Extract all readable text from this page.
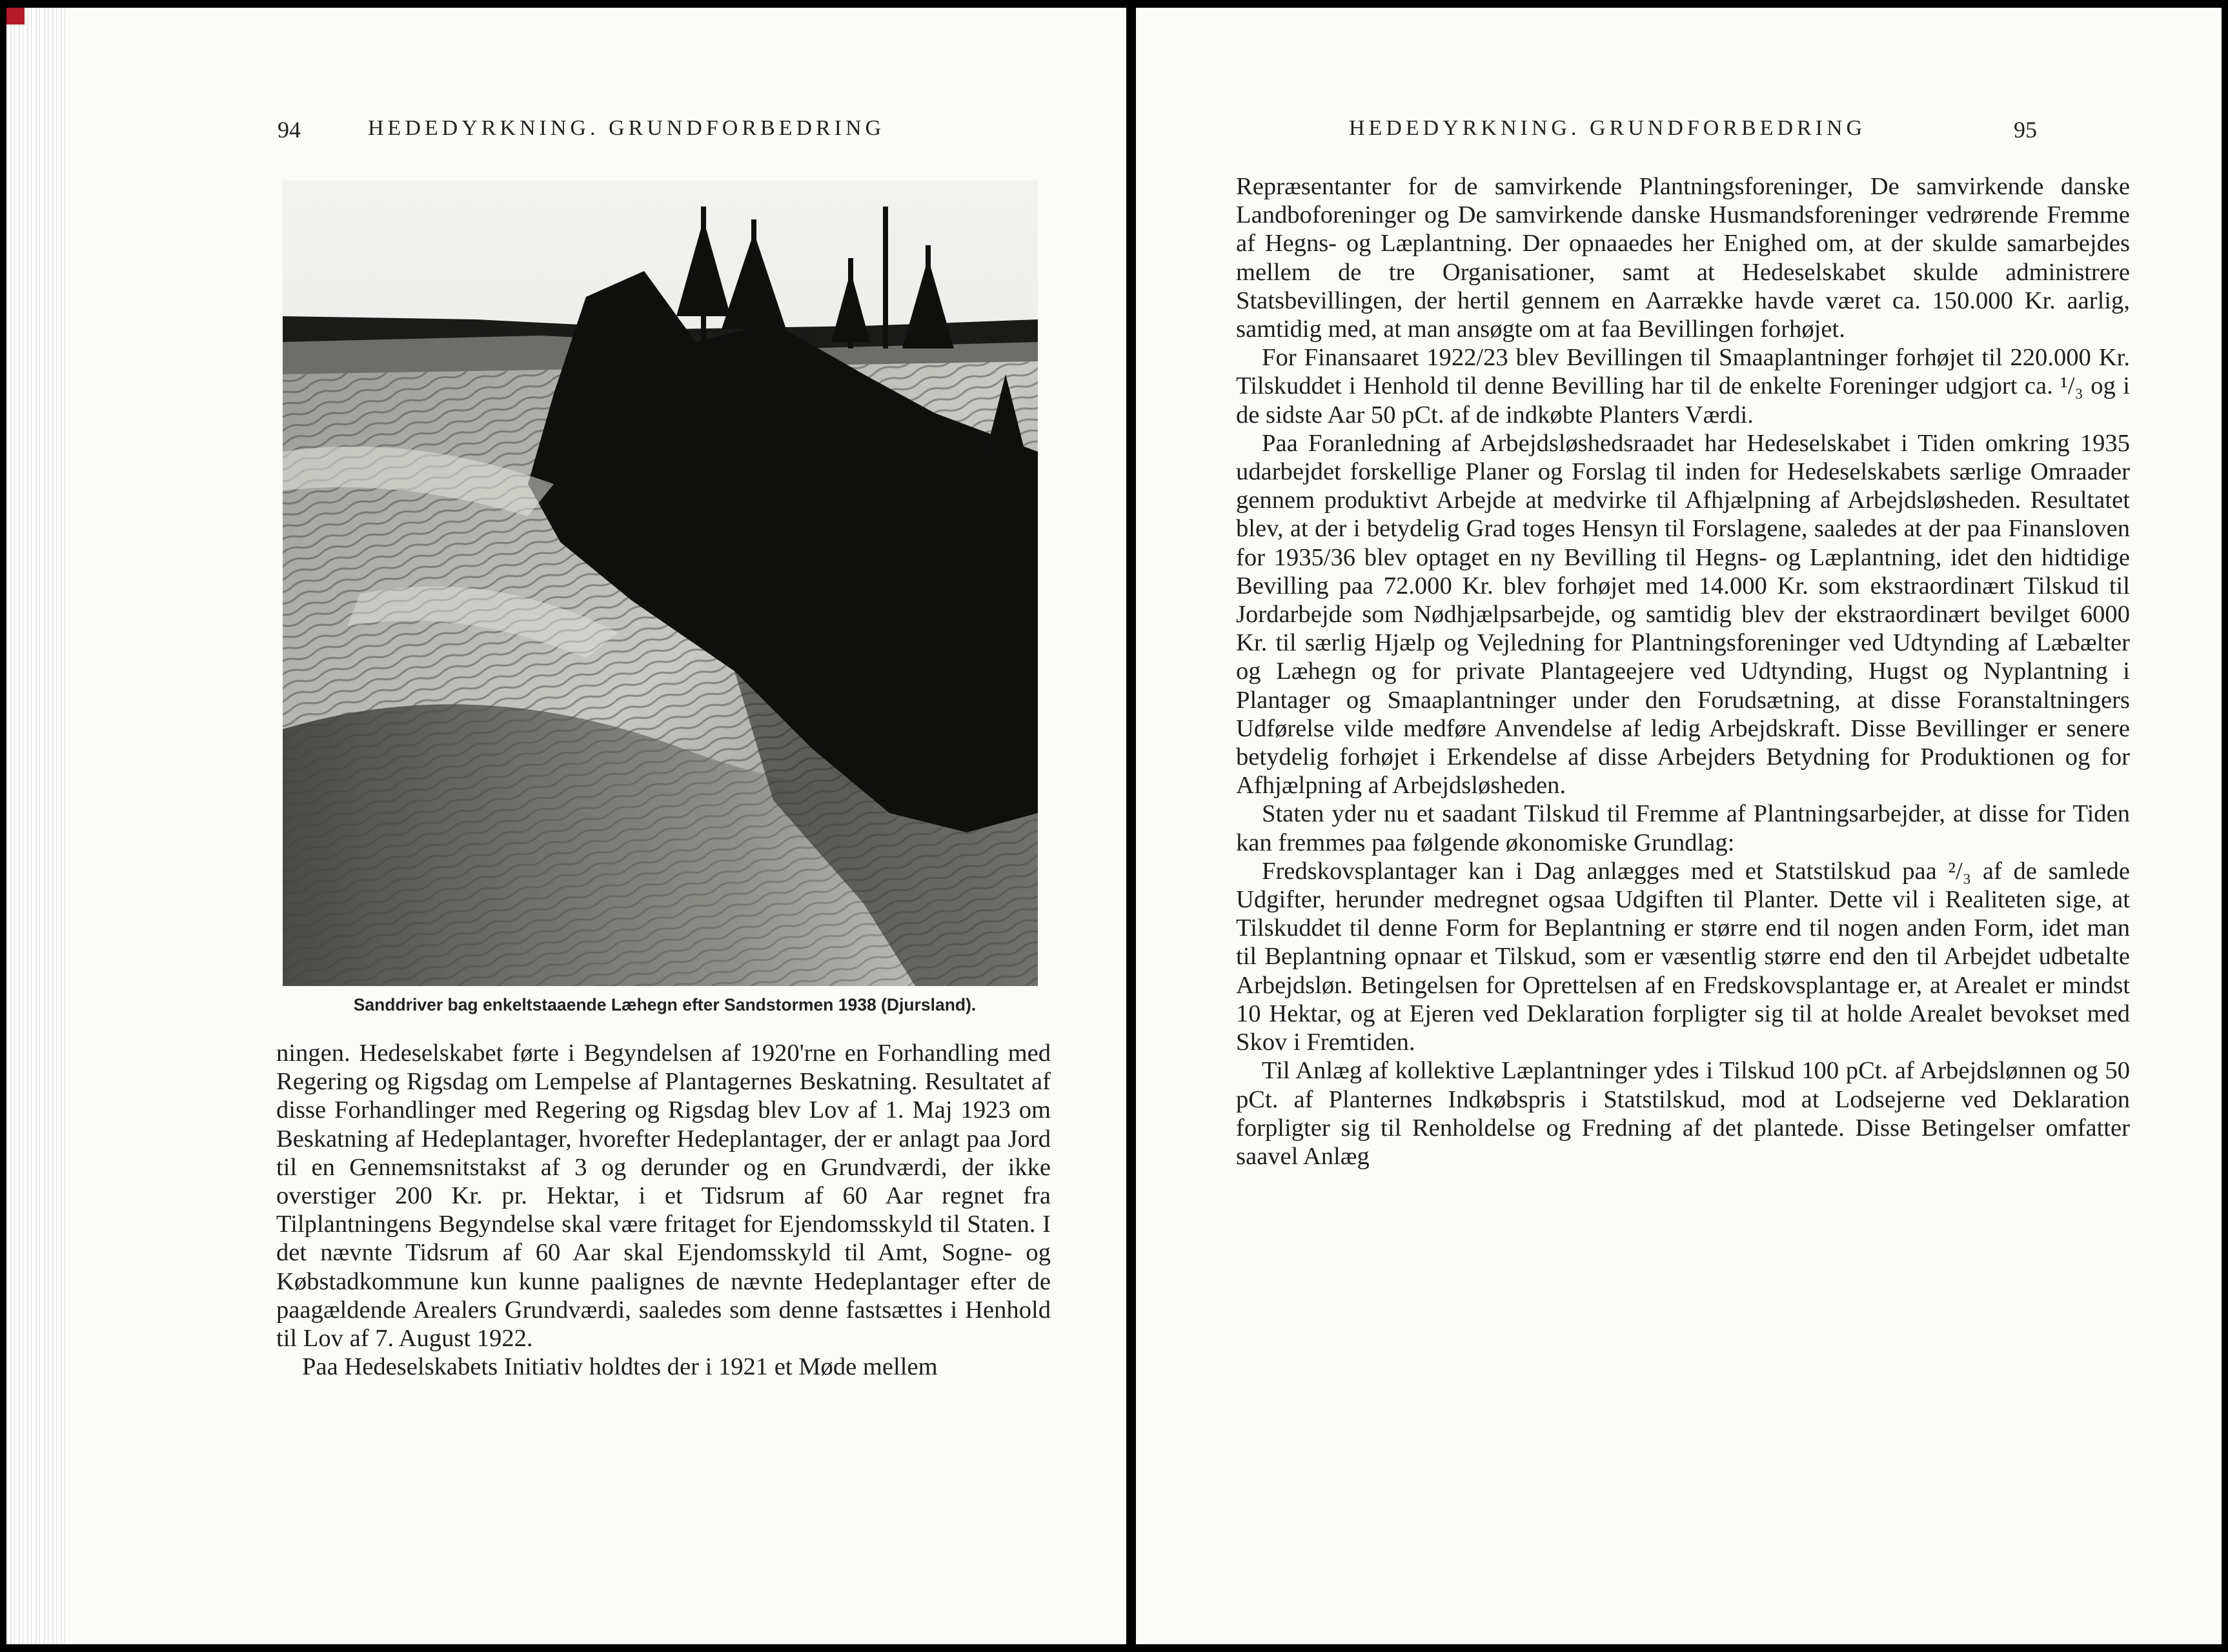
94	HEDEDYRKNING. GRUNDFORBEDRING
Sanddriver bag enkeltstaaende Læhegn efter Sandstormen 1938 (Djursland).

ningen. Hedeselskabet førte i Begyndelsen af 1920'rne en Forhandling med Regering og Rigsdag om Lempelse af Plantagernes Beskatning. Resultatet af disse Forhandlinger med Regering og Rigsdag blev Lov af 1. Maj 1923 om Beskatning af Hedeplantager, hvorefter Hedeplantager, der er anlagt paa Jord til en Gennemsnitstakst af 3 og derunder og en Grundværdi, der ikke overstiger 200 Kr. pr. Hektar, i et Tidsrum af 60 Aar regnet fra Tilplantningens Begyndelse skal være fritaget for Ejendomsskyld til Staten. I det nævnte Tidsrum af 60 Aar skal Ejendomsskyld til Amt, Sogne- og Købstadkommune kun kunne paalignes de nævnte Hedeplantager efter de paagældende Arealers Grundværdi, saaledes som denne fastsættes i Henhold til Lov af 7. August 1922.

Paa Hedeselskabets Initiativ holdtes der i 1921 et Møde mellem

HEDEDYRKNING. GRUNDFORBEDRING	95

Repræsentanter for de samvirkende Plantningsforeninger, De samvirkende danske Landboforeninger og De samvirkende danske Husmandsforeninger vedrørende Fremme af Hegns- og Læplantning. Der opnaaedes her Enighed om, at der skulde samarbejdes mellem de tre Organisationer, samt at Hedeselskabet skulde administrere Statsbevillingen, der hertil gennem en Aarrække havde været ca. 150.000 Kr. aarlig, samtidig med, at man ansøgte om at faa Bevillingen forhøjet.

For Finansaaret 1922/23 blev Bevillingen til Smaaplantninger forhøjet til 220.000 Kr. Tilskuddet i Henhold til denne Bevilling har til de enkelte Foreninger udgjort ca. ¹/₃ og i de sidste Aar 50 pCt. af de indkøbte Planters Værdi.

Paa Foranledning af Arbejdsløshedsraadet har Hedeselskabet i Tiden omkring 1935 udarbejdet forskellige Planer og Forslag til inden for Hedeselskabets særlige Omraader gennem produktivt Arbejde at medvirke til Afhjælpning af Arbejdsløsheden. Resultatet blev, at der i betydelig Grad toges Hensyn til Forslagene, saaledes at der paa Finansloven for 1935/36 blev optaget en ny Bevilling til Hegns- og Læplantning, idet den hidtidige Bevilling paa 72.000 Kr. blev forhøjet med 14.000 Kr. som ekstraordinært Tilskud til Jordarbejde som Nødhjælpsarbejde, og samtidig blev der ekstraordinært bevilget 6000 Kr. til særlig Hjælp og Vejledning for Plantningsforeninger ved Udtynding af Læbælter og Læhegn og for private Plantageejere ved Udtynding, Hugst og Nyplantning i Plantager og Smaaplantninger under den Forudsætning, at disse Foranstaltningers Udførelse vilde medføre Anvendelse af ledig Arbejdskraft. Disse Bevillinger er senere betydelig forhøjet i Erkendelse af disse Arbejders Betydning for Produktionen og for Afhjælpning af Arbejdsløsheden.

Staten yder nu et saadant Tilskud til Fremme af Plantningsarbejder, at disse for Tiden kan fremmes paa følgende økonomiske Grundlag:

Fredskovsplantager kan i Dag anlægges med et Statstilskud paa ²/₃ af de samlede Udgifter, herunder medregnet ogsaa Udgiften til Planter. Dette vil i Realiteten sige, at Tilskuddet til denne Form for Beplantning er større end til nogen anden Form, idet man til Beplantning opnaar et Tilskud, som er væsentlig større end den til Arbejdet udbetalte Arbejdsløn. Betingelsen for Oprettelsen af en Fredskovsplantage er, at Arealet er mindst 10 Hektar, og at Ejeren ved Deklaration forpligter sig til at holde Arealet bevokset med Skov i Fremtiden.

Til Anlæg af kollektive Læplantninger ydes i Tilskud 100 pCt. af Arbejdslønnen og 50 pCt. af Planternes Indkøbspris i Statstilskud, mod at Lodsejerne ved Deklaration forpligter sig til Renholdelse og Fredning af det plantede. Disse Betingelser omfatter saavel Anlæg
